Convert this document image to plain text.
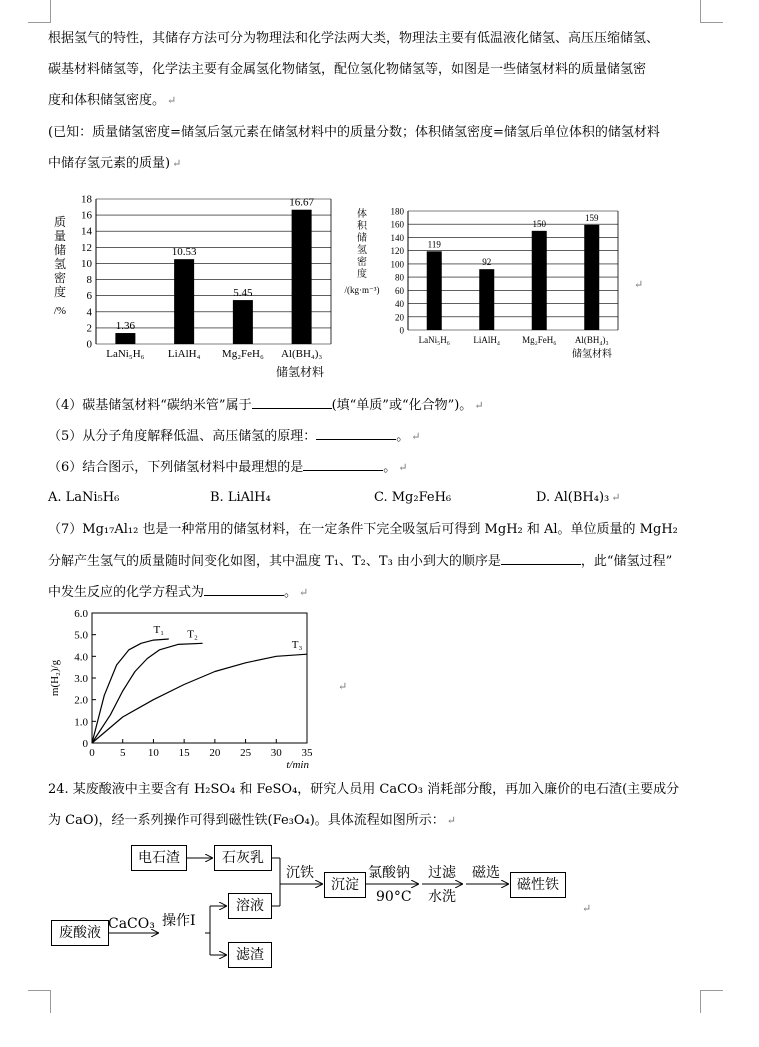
根据氢气的特性，其储存方法可分为物理法和化学法两大类，物理法主要有低温液化储氢、高压压缩储氢、
碳基材料储氢等，化学法主要有金属氢化物储氢，配位氢化物储氢等，如图是一些储氢材料的质量储氢密
度和体积储氢密度。 ↵
(已知：质量储氢密度=储氢后氢元素在储氢材料中的质量分数；体积储氢密度=储氢后单位体积的储氢材料
中储存氢元素的质量) ↵
0
2
4
6
8
10
12
14
16
18
1.36
LaNi₅H₆
10.53
LiAlH₄
5.45
Mg₂FeH₆
16.67
Al(BH₄)₃
储氢材料
质
量
储
氢
密
度
/%
0
20
40
60
80
100
120
140
160
180
119
LaNi₅H₆
92
LiAlH₄
150
Mg₂FeH₆
159
Al(BH₄)₃
储氢材料
体
积
储
氢
密
度
/(kg·m⁻³)	↵
（4）碳基储氢材料“碳纳米管”属于	(填“单质”或“化合物”)。 ↵
（5）从分子角度解释低温、高压储氢的原理：	。 ↵
（6）结合图示，下列储氢材料中最理想的是	。 ↵
A. LaNi₅H₆	B. LiAlH₄	C. Mg₂FeH₆	D. Al(BH₄)₃ ↵
（7）Mg₁₇Al₁₂ 也是一种常用的储氢材料，在一定条件下完全吸氢后可得到 MgH₂ 和 Al。单位质量的 MgH₂
分解产生氢气的质量随时间变化如图，其中温度 T₁、T₂、T₃ 由小到大的顺序是	，此“储氢过程”
中发生反应的化学方程式为	。 ↵
0
1.0
2.0
3.0
4.0
5.0
6.0
0 5 10 15 20 25 30 35
t/min
m(H₂)/g
T₁ T₂
T₃
↵
24. 某废酸液中主要含有 H₂SO₄ 和 FeSO₄，研究人员用 CaCO₃ 消耗部分酸，再加入廉价的电石渣(主要成分
为 CaO)，经一系列操作可得到磁性铁(Fe₃O₄)。具体流程如图所示： ↵
电石渣	石灰乳
沉淀	磁性铁
废酸液
溶液
滤渣
沉铁	氯酸钠
90°C
过滤
水洗
磁选
CaCO₃ 操作I
↵
